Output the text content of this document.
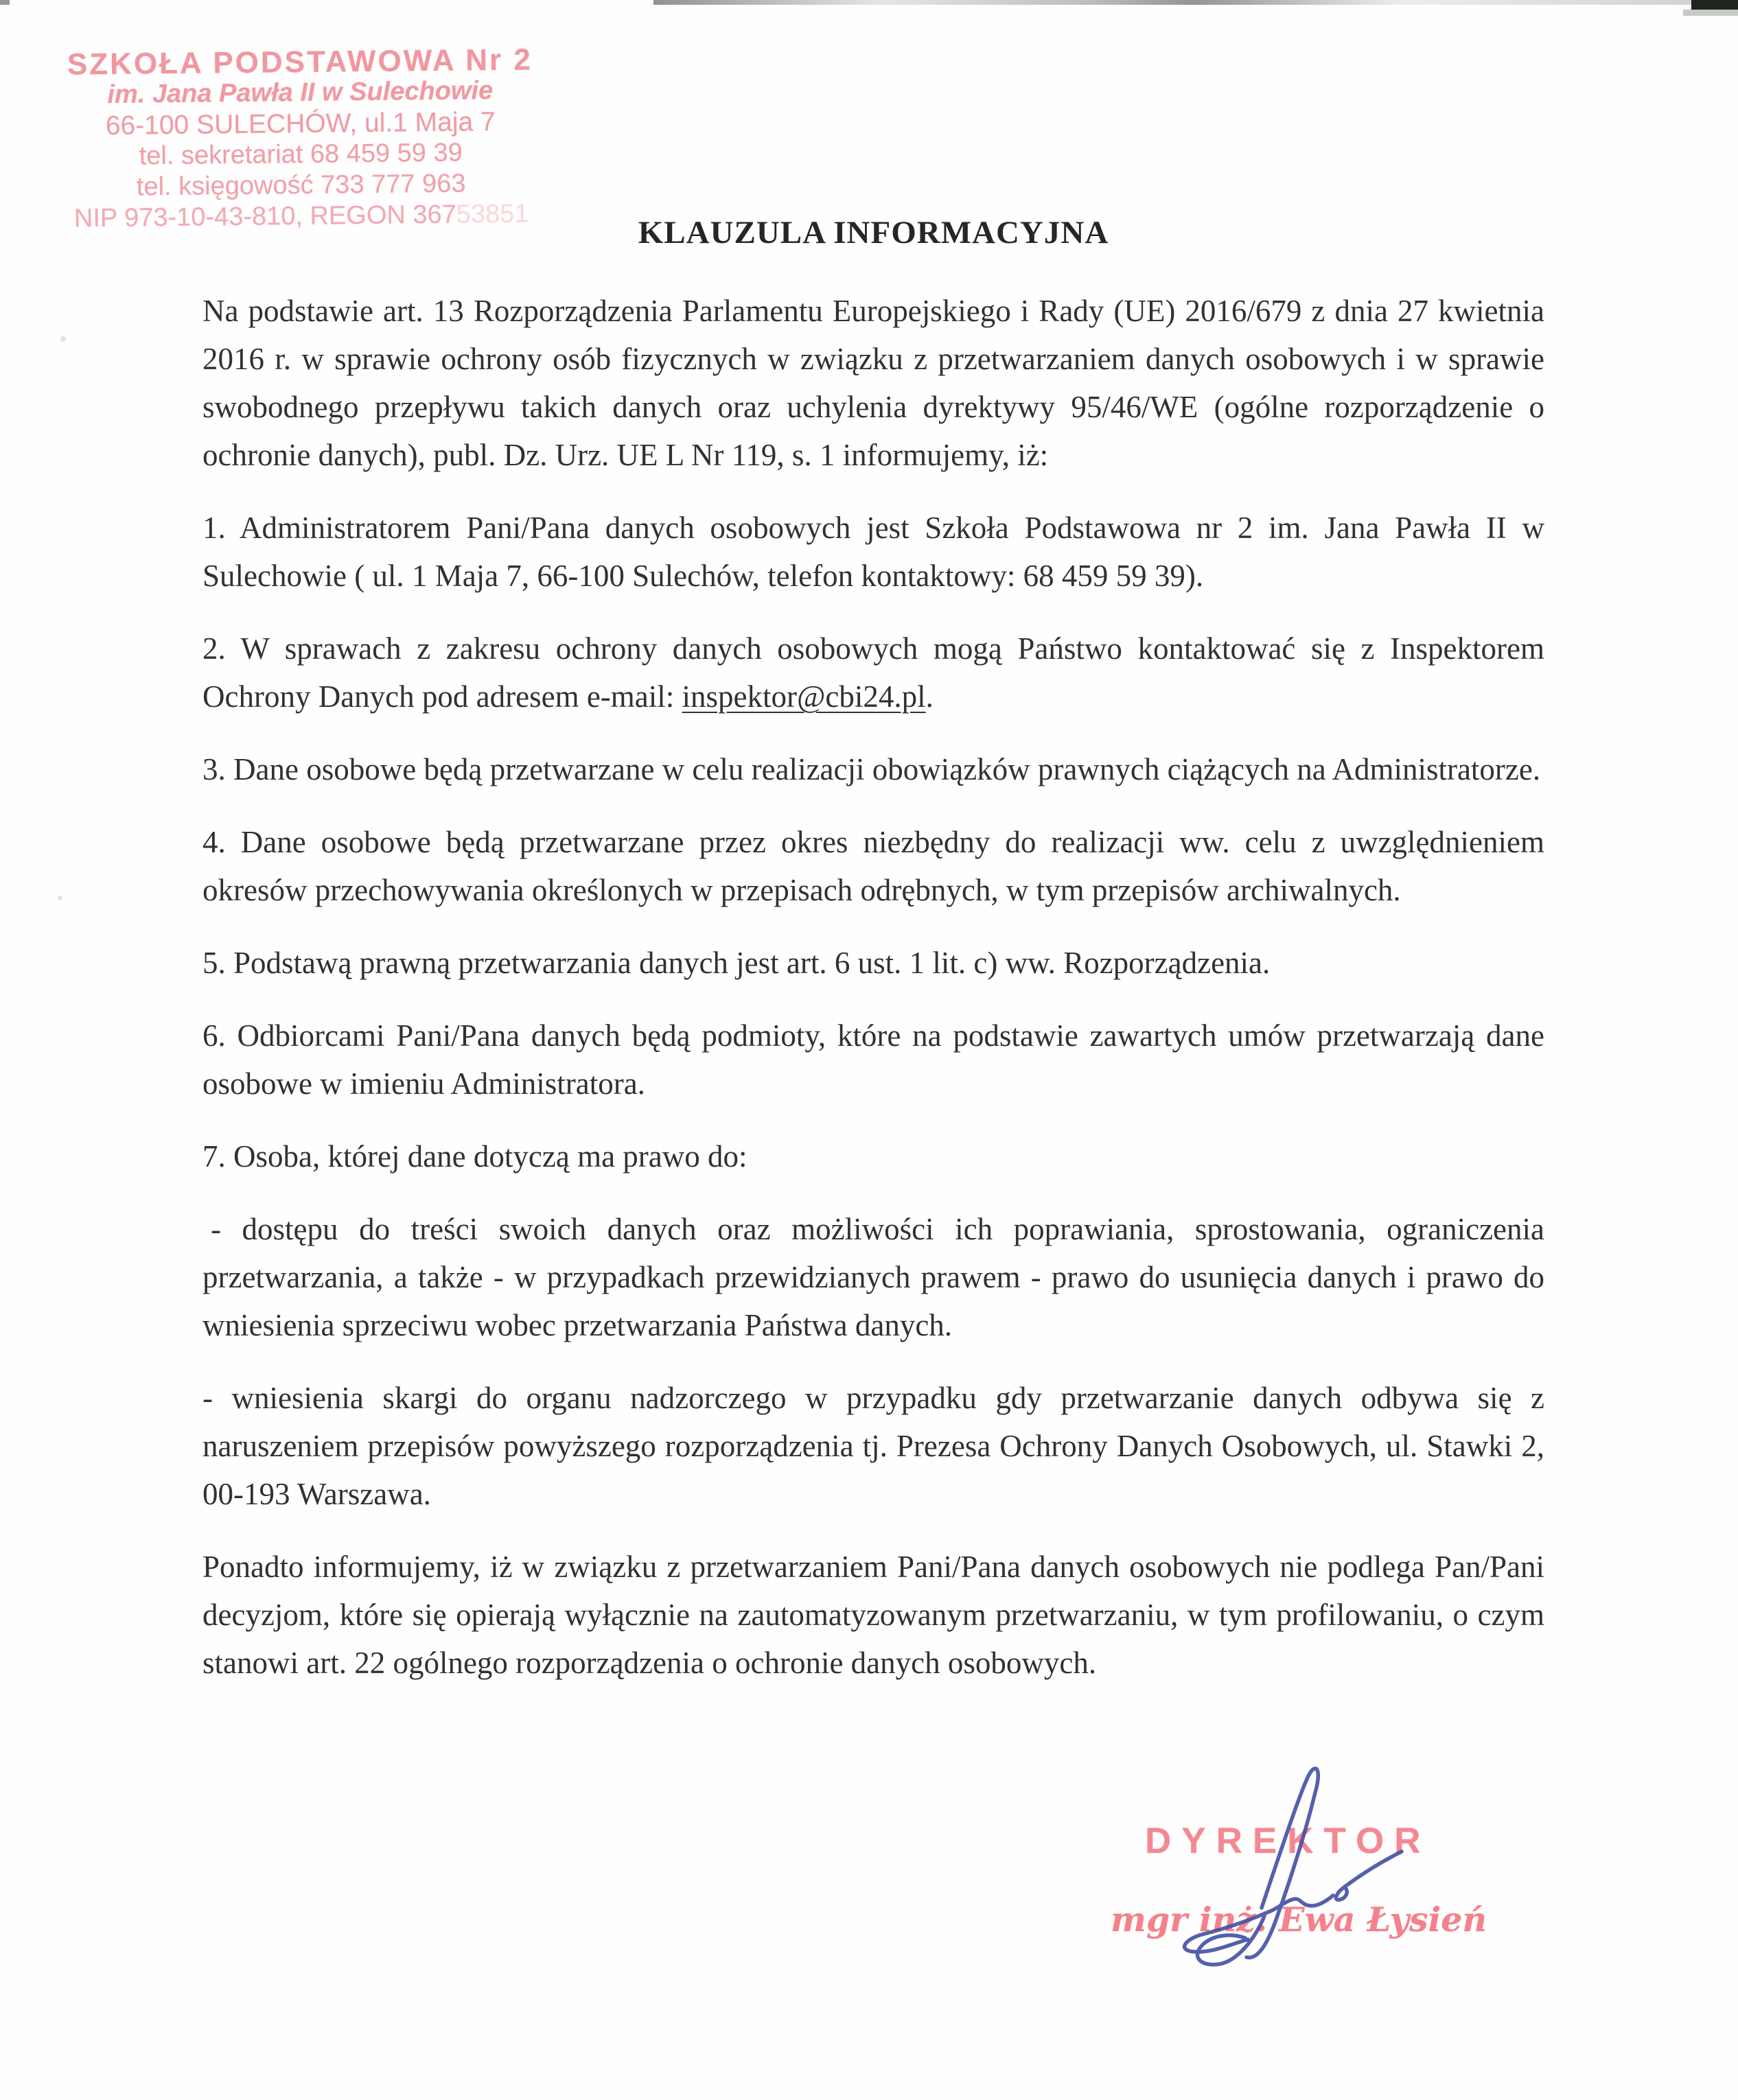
SZKOŁA PODSTAWOWA Nr 2
im. Jana Pawła II w Sulechowie
66-100 SULECHÓW, ul.1 Maja 7
tel. sekretariat 68 459 59 39
tel. księgowość 733 777 963
NIP 973-10-43-810, REGON 36753851
KLAUZULA INFORMACYJNA

Na podstawie art. 13 Rozporządzenia Parlamentu Europejskiego i Rady (UE) 2016/679 z dnia 27 kwietnia 2016 r. w sprawie ochrony osób fizycznych w związku z przetwarzaniem danych osobowych i w sprawie swobodnego przepływu takich danych oraz uchylenia dyrektywy 95/46/WE (ogólne rozporządzenie o ochronie danych), publ. Dz. Urz. UE L Nr 119, s. 1 informujemy, iż:

1. Administratorem Pani/Pana danych osobowych jest Szkoła Podstawowa nr 2 im. Jana Pawła II w Sulechowie ( ul. 1 Maja 7, 66-100 Sulechów, telefon kontaktowy: 68 459 59 39).

2. W sprawach z zakresu ochrony danych osobowych mogą Państwo kontaktować się z Inspektorem Ochrony Danych pod adresem e-mail: inspektor@cbi24.pl.

3. Dane osobowe będą przetwarzane w celu realizacji obowiązków prawnych ciążących na Administratorze.

4. Dane osobowe będą przetwarzane przez okres niezbędny do realizacji ww. celu z uwzględnieniem okresów przechowywania określonych w przepisach odrębnych, w tym przepisów archiwalnych.

5. Podstawą prawną przetwarzania danych jest art. 6 ust. 1 lit. c) ww. Rozporządzenia.

6. Odbiorcami Pani/Pana danych będą podmioty, które na podstawie zawartych umów przetwarzają dane osobowe w imieniu Administratora.

7. Osoba, której dane dotyczą ma prawo do:

- dostępu do treści swoich danych oraz możliwości ich poprawiania, sprostowania, ograniczenia przetwarzania, a także - w przypadkach przewidzianych prawem - prawo do usunięcia danych i prawo do wniesienia sprzeciwu wobec przetwarzania Państwa danych.

- wniesienia skargi do organu nadzorczego w przypadku gdy przetwarzanie danych odbywa się z naruszeniem przepisów powyższego rozporządzenia tj. Prezesa Ochrony Danych Osobowych, ul. Stawki 2, 00-193 Warszawa.

Ponadto informujemy, iż w związku z przetwarzaniem Pani/Pana danych osobowych nie podlega Pan/Pani decyzjom, które się opierają wyłącznie na zautomatyzowanym przetwarzaniu, w tym profilowaniu, o czym stanowi art. 22 ogólnego rozporządzenia o ochronie danych osobowych.

DYREKTOR
mgr inż. Ewa Łysień
